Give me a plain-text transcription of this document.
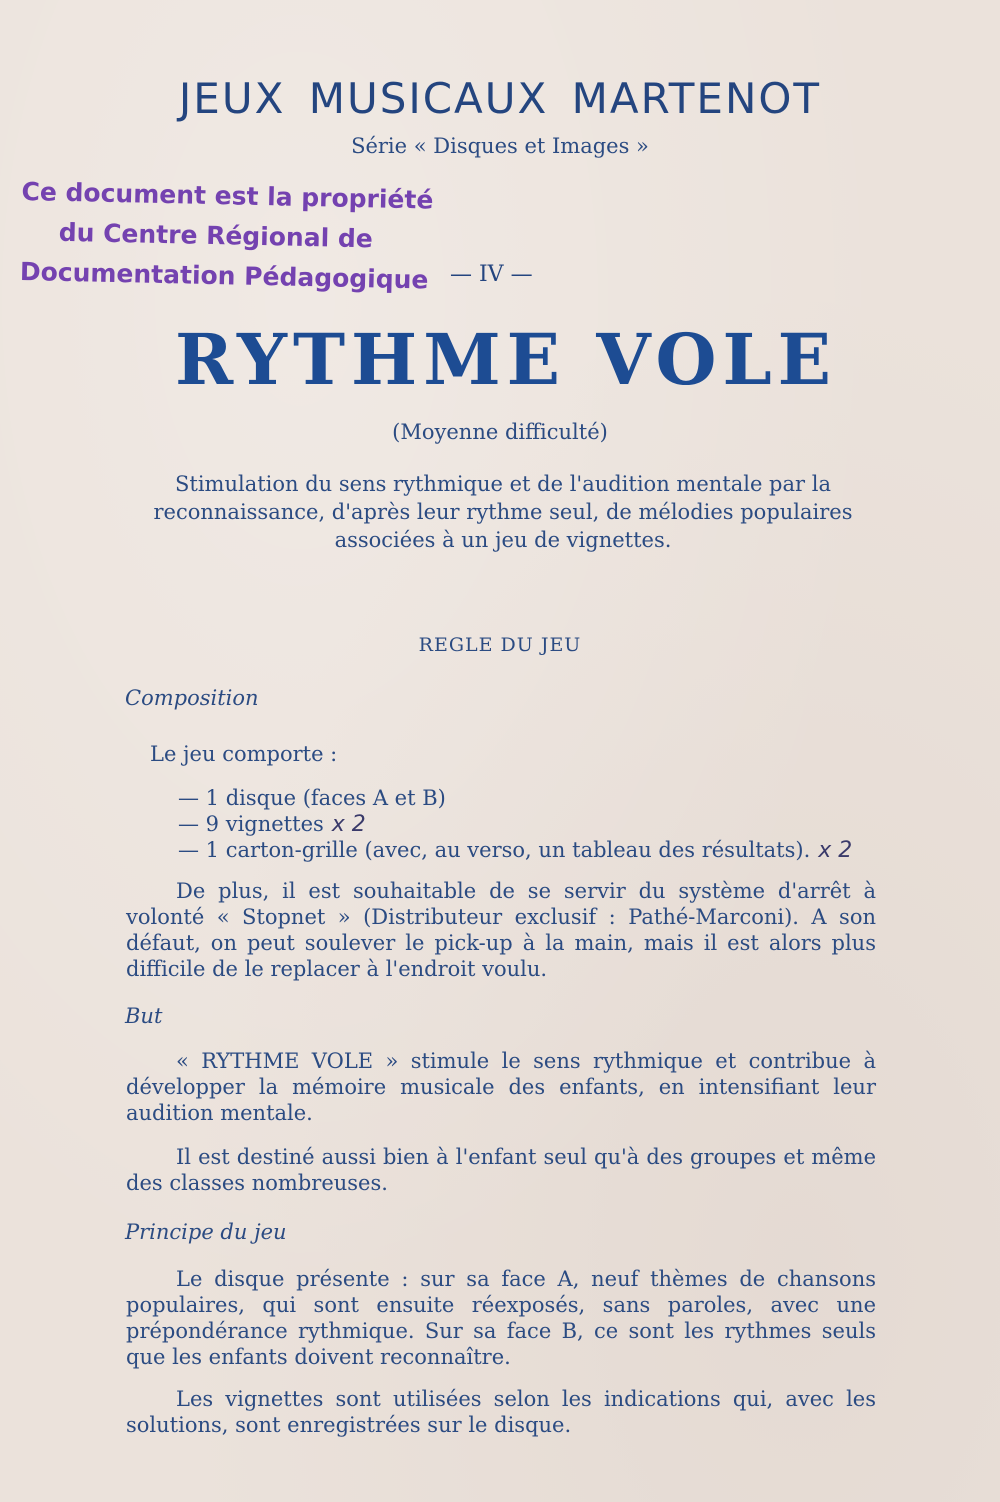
JEUX MUSICAUX MARTENOT
Série « Disques et Images »
Ce document est la propriété
du Centre Régional de
Documentation Pédagogique — IV —
RYTHME VOLE
(Moyenne difficulté)
Stimulation du sens rythmique et de l'audition mentale par la reconnaissance, d'après leur rythme seul, de mélodies populaires associées à un jeu de vignettes.
REGLE DU JEU
Composition
Le jeu comporte :
— 1 disque (faces A et B)
— 9 vignettes x 2
— 1 carton-grille (avec, au verso, un tableau des résultats). x 2
De plus, il est souhaitable de se servir du système d'arrêt à volonté « Stopnet » (Distributeur exclusif : Pathé-Marconi). A son défaut, on peut soulever le pick-up à la main, mais il est alors plus difficile de le replacer à l'endroit voulu.
But
« RYTHME VOLE » stimule le sens rythmique et contribue à développer la mémoire musicale des enfants, en intensifiant leur audition mentale.
Il est destiné aussi bien à l'enfant seul qu'à des groupes et même des classes nombreuses.
Principe du jeu
Le disque présente : sur sa face A, neuf thèmes de chansons populaires, qui sont ensuite réexposés, sans paroles, avec une prépondérance rythmique. Sur sa face B, ce sont les rythmes seuls que les enfants doivent reconnaître.
Les vignettes sont utilisées selon les indications qui, avec les solutions, sont enregistrées sur le disque.
